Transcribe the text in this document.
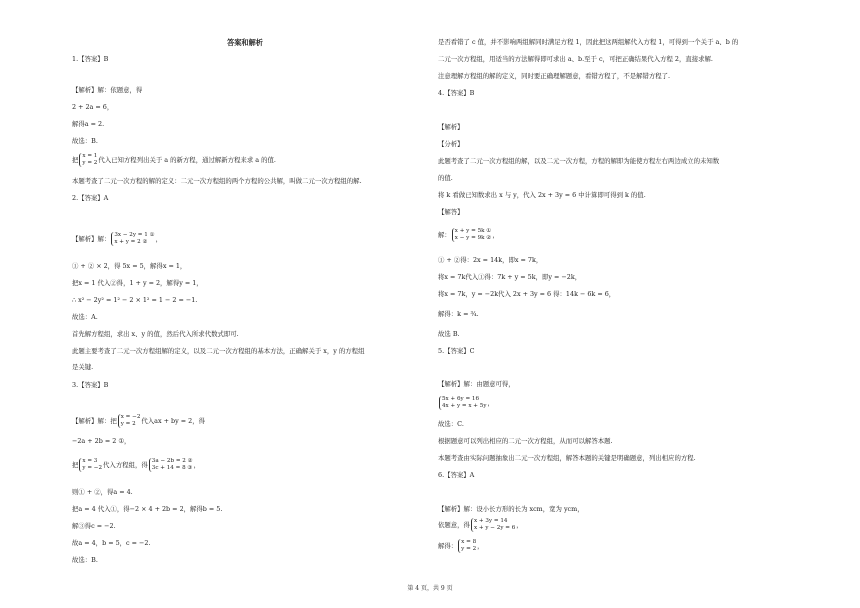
答案和解析
1.【答案】B
【解析】解：依题意，得
2 + 2a = 6，
解得a = 2.
故选：B.
把 x = 1
y = 2 代入已知方程列出关于 a 的新方程，通过解新方程来求 a 的值.
本题考查了二元一次方程的解的定义：二元一次方程组的两个方程的公共解，叫做二元一次方程组的解.
2.【答案】A
【解析】解： 3x − 2y = 1 ①
x + y = 2 ②	，
① + ② × 2，得 5x = 5，解得x = 1，
把x = 1 代入②得，1 + y = 2，解得y = 1，
∴ x² − 2y² = 1² − 2 × 1² = 1 − 2 = −1.
故选：A.
首先解方程组，求出 x、y 的值，然后代入所求代数式即可.
此题主要考查了二元一次方程组解的定义，以及二元一次方程组的基本方法，正确解关于 x，y 的方程组
是关键.
3.【答案】B
【解析】解：把 x = −2
y = 2 代入ax + by = 2，得
−2a + 2b = 2 ①，
把 x = 3
y = −2 代入方程组，得 3a − 2b = 2 ②
3c + 14 = 8 ③ ，
则① + ②，得a = 4.
把a = 4 代入①，得−2 × 4 + 2b = 2，解得b = 5.
解③得c = −2.
故a = 4，b = 5，c = −2.
故选：B.
是否看错了 c 值，并不影响两组解同时满足方程 1，因此把这两组解代入方程 1，可得到一个关于 a、b 的
二元一次方程组，用适当的方法解得即可求出 a、b.至于 c，可把正确结果代入方程 2，直接求解.
注意理解方程组的解的定义，同时要正确理解题意，看错方程了，不是解错方程了.
4.【答案】B
【解析】
【分析】
此题考查了二元一次方程组的解，以及二元一次方程，方程的解即为能使方程左右两边成立的未知数
的值.
将 k 看做已知数求出 x 与 y，代入 2x + 3y = 6 中计算即可得到 k 的值.
【解答】
解： x + y = 5k ①
x − y = 9k ② ，
① + ②得：2x = 14k，即x = 7k，
将x = 7k代入①得：7k + y = 5k，即y = −2k，
将x = 7k，y = −2k代入 2x + 3y = 6 得：14k − 6k = 6，
解得：k = ¾.
故选 B.
5.【答案】C
【解析】解：由题意可得，
5x + 6y = 16
4x + y = x + 5y ，
故选：C.
根据题意可以列出相应的二元一次方程组，从而可以解答本题.
本题考查由实际问题抽象出二元一次方程组，解答本题的关键是明确题意，列出相应的方程.
6.【答案】A
【解析】解：设小长方形的长为 xcm，宽为 ycm，
依题意，得 x + 3y = 14
x + y − 2y = 6 ，
解得： x = 8
y = 2 ，
第 4 页，共 9 页
